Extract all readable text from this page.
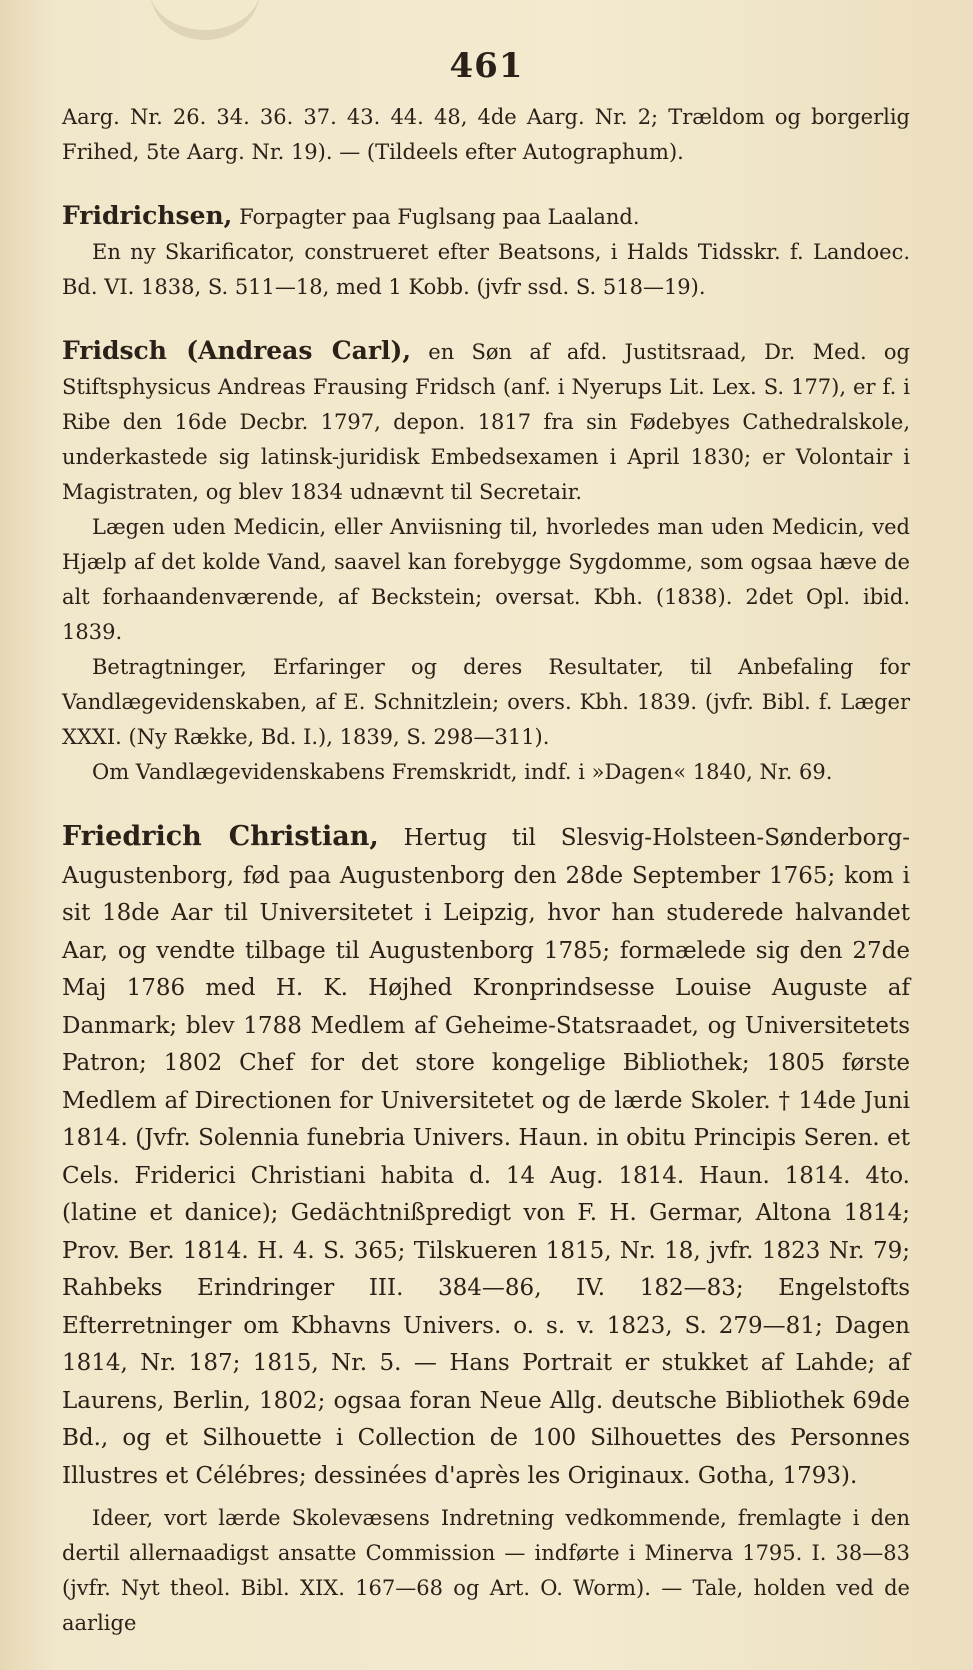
461

Aarg. Nr. 26. 34. 36. 37. 43. 44. 48, 4de Aarg. Nr. 2; Trældom og borgerlig Frihed, 5te Aarg. Nr. 19). — (Tildeels efter Autographum).

Fridrichsen, Forpagter paa Fuglsang paa Laaland.

En ny Skarificator, construeret efter Beatsons, i Halds Tidsskr. f. Landoec. Bd. VI. 1838, S. 511—18, med 1 Kobb. (jvfr ssd. S. 518—19).

Fridsch (Andreas Carl), en Søn af afd. Justitsraad, Dr. Med. og Stiftsphysicus Andreas Frausing Fridsch (anf. i Nyerups Lit. Lex. S. 177), er f. i Ribe den 16de Decbr. 1797, depon. 1817 fra sin Fødebyes Cathedralskole, underkastede sig latinsk-juridisk Embedsexamen i April 1830; er Volontair i Magistraten, og blev 1834 udnævnt til Secretair.

Lægen uden Medicin, eller Anviisning til, hvorledes man uden Medicin, ved Hjælp af det kolde Vand, saavel kan forebygge Sygdomme, som ogsaa hæve de alt forhaandenværende, af Beckstein; oversat. Kbh. (1838). 2det Opl. ibid. 1839.

Betragtninger, Erfaringer og deres Resultater, til Anbefaling for Vandlægevidenskaben, af E. Schnitzlein; overs. Kbh. 1839. (jvfr. Bibl. f. Læger XXXI. (Ny Række, Bd. I.), 1839, S. 298—311).

Om Vandlægevidenskabens Fremskridt, indf. i »Dagen« 1840, Nr. 69.

Friedrich Christian, Hertug til Slesvig-Holsteen-Sønderborg-Augustenborg, fød paa Augustenborg den 28de September 1765; kom i sit 18de Aar til Universitetet i Leipzig, hvor han studerede halvandet Aar, og vendte tilbage til Augustenborg 1785; formælede sig den 27de Maj 1786 med H. K. Højhed Kronprindsesse Louise Auguste af Danmark; blev 1788 Medlem af Geheime-Statsraadet, og Universitetets Patron; 1802 Chef for det store kongelige Bibliothek; 1805 første Medlem af Directionen for Universitetet og de lærde Skoler. † 14de Juni 1814. (Jvfr. Solennia funebria Univers. Haun. in obitu Principis Seren. et Cels. Friderici Christiani habita d. 14 Aug. 1814. Haun. 1814. 4to. (latine et danice); Gedächtnißpredigt von F. H. Germar, Altona 1814; Prov. Ber. 1814. H. 4. S. 365; Tilskueren 1815, Nr. 18, jvfr. 1823 Nr. 79; Rahbeks Erindringer III. 384—86, IV. 182—83; Engelstofts Efterretninger om Kbhavns Univers. o. s. v. 1823, S. 279—81; Dagen 1814, Nr. 187; 1815, Nr. 5. — Hans Portrait er stukket af Lahde; af Laurens, Berlin, 1802; ogsaa foran Neue Allg. deutsche Bibliothek 69de Bd., og et Silhouette i Collection de 100 Silhouettes des Personnes Illustres et Célébres; dessinées d'après les Originaux. Gotha, 1793).

Ideer, vort lærde Skolevæsens Indretning vedkommende, fremlagte i den dertil allernaadigst ansatte Commission — indførte i Minerva 1795. I. 38—83 (jvfr. Nyt theol. Bibl. XIX. 167—68 og Art. O. Worm). — Tale, holden ved de aarlige
